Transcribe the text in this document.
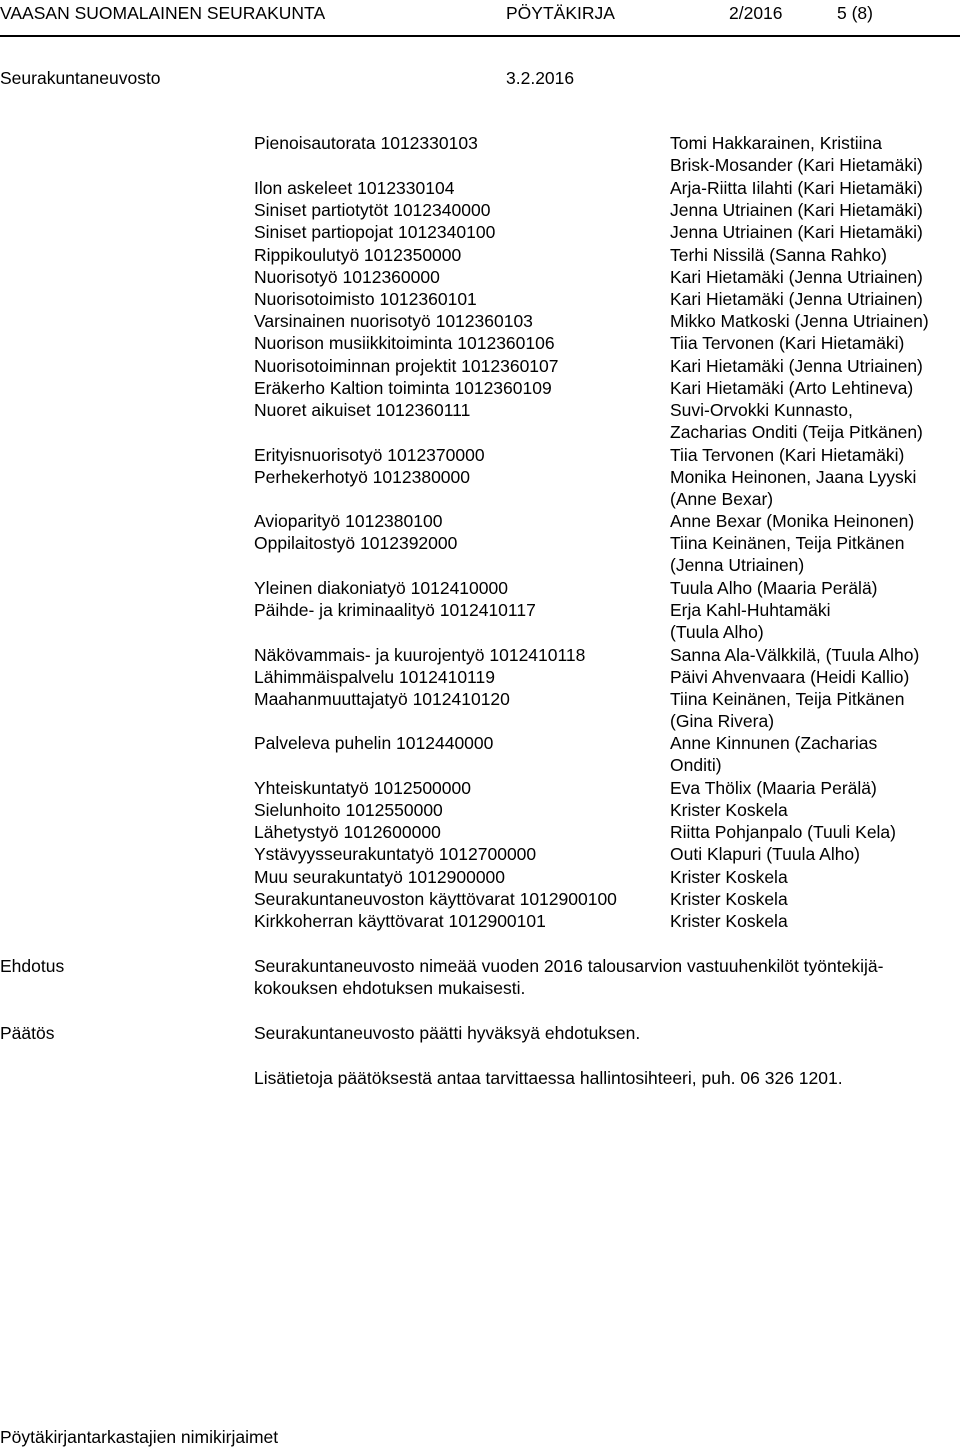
VAASAN SUOMALAINEN SEURAKUNTA	PÖYTÄKIRJA	2/2016	5 (8)
Seurakuntaneuvosto	3.2.2016
Pienoisautorata 1012330103	Tomi Hakkarainen, Kristiina
Brisk-Mosander (Kari Hietamäki)
Ilon askeleet 1012330104	Arja-Riitta Iilahti (Kari Hietamäki)
Siniset partiotytöt 1012340000	Jenna Utriainen (Kari Hietamäki)
Siniset partiopojat 1012340100	Jenna Utriainen (Kari Hietamäki)
Rippikoulutyö 1012350000	Terhi Nissilä (Sanna Rahko)
Nuorisotyö 1012360000	Kari Hietamäki (Jenna Utriainen)
Nuorisotoimisto 1012360101	Kari Hietamäki (Jenna Utriainen)
Varsinainen nuorisotyö 1012360103	Mikko Matkoski (Jenna Utriainen)
Nuorison musiikkitoiminta 1012360106	Tiia Tervonen (Kari Hietamäki)
Nuorisotoiminnan projektit 1012360107	Kari Hietamäki (Jenna Utriainen)
Eräkerho Kaltion toiminta 1012360109	Kari Hietamäki (Arto Lehtineva)
Nuoret aikuiset 1012360111	Suvi-Orvokki Kunnasto,
Zacharias Onditi (Teija Pitkänen)
Erityisnuorisotyö 1012370000	Tiia Tervonen (Kari Hietamäki)
Perhekerhotyö 1012380000	Monika Heinonen, Jaana Lyyski
(Anne Bexar)
Avioparityö 1012380100	Anne Bexar (Monika Heinonen)
Oppilaitostyö 1012392000	Tiina Keinänen, Teija Pitkänen
(Jenna Utriainen)
Yleinen diakoniatyö 1012410000	Tuula Alho (Maaria Perälä)
Päihde- ja kriminaalityö 1012410117	Erja Kahl-Huhtamäki
(Tuula Alho)
Näkövammais- ja kuurojentyö 1012410118	Sanna Ala-Välkkilä, (Tuula Alho)
Lähimmäispalvelu 1012410119	Päivi Ahvenvaara (Heidi Kallio)
Maahanmuuttajatyö 1012410120	Tiina Keinänen, Teija Pitkänen
(Gina Rivera)
Palveleva puhelin 1012440000	Anne Kinnunen (Zacharias
Onditi)
Yhteiskuntatyö 1012500000	Eva Thölix (Maaria Perälä)
Sielunhoito 1012550000	Krister Koskela
Lähetystyö 1012600000	Riitta Pohjanpalo (Tuuli Kela)
Ystävyysseurakuntatyö 1012700000	Outi Klapuri (Tuula Alho)
Muu seurakuntatyö 1012900000	Krister Koskela
Seurakuntaneuvoston käyttövarat 1012900100	Krister Koskela
Kirkkoherran käyttövarat 1012900101	Krister Koskela
Ehdotus	Seurakuntaneuvosto nimeää vuoden 2016 talousarvion vastuuhenkilöt työntekijä-
kokouksen ehdotuksen mukaisesti.
Päätös	Seurakuntaneuvosto päätti hyväksyä ehdotuksen.
Lisätietoja päätöksestä antaa tarvittaessa hallintosihteeri, puh. 06 326 1201.
Pöytäkirjantarkastajien nimikirjaimet
